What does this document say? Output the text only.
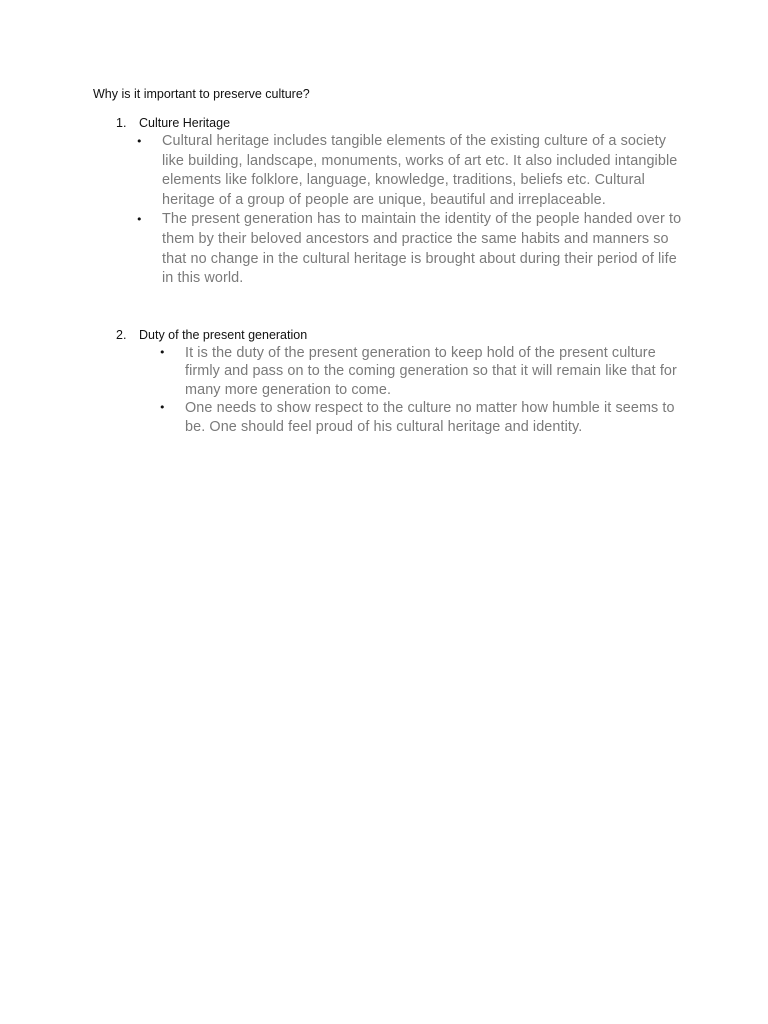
Why is it important to preserve culture?
1. Culture Heritage
• Cultural heritage includes tangible elements of the existing culture of a society like building, landscape, monuments, works of art etc. It also included intangible elements like folklore, language, knowledge, traditions, beliefs etc. Cultural heritage of a group of people are unique, beautiful and irreplaceable.
• The present generation has to maintain the identity of the people handed over to them by their beloved ancestors and practice the same habits and manners so that no change in the cultural heritage is brought about during their period of life in this world.
2. Duty of the present generation
• It is the duty of the present generation to keep hold of the present culture firmly and pass on to the coming generation so that it will remain like that for many more generation to come.
• One needs to show respect to the culture no matter how humble it seems to be. One should feel proud of his cultural heritage and identity.
